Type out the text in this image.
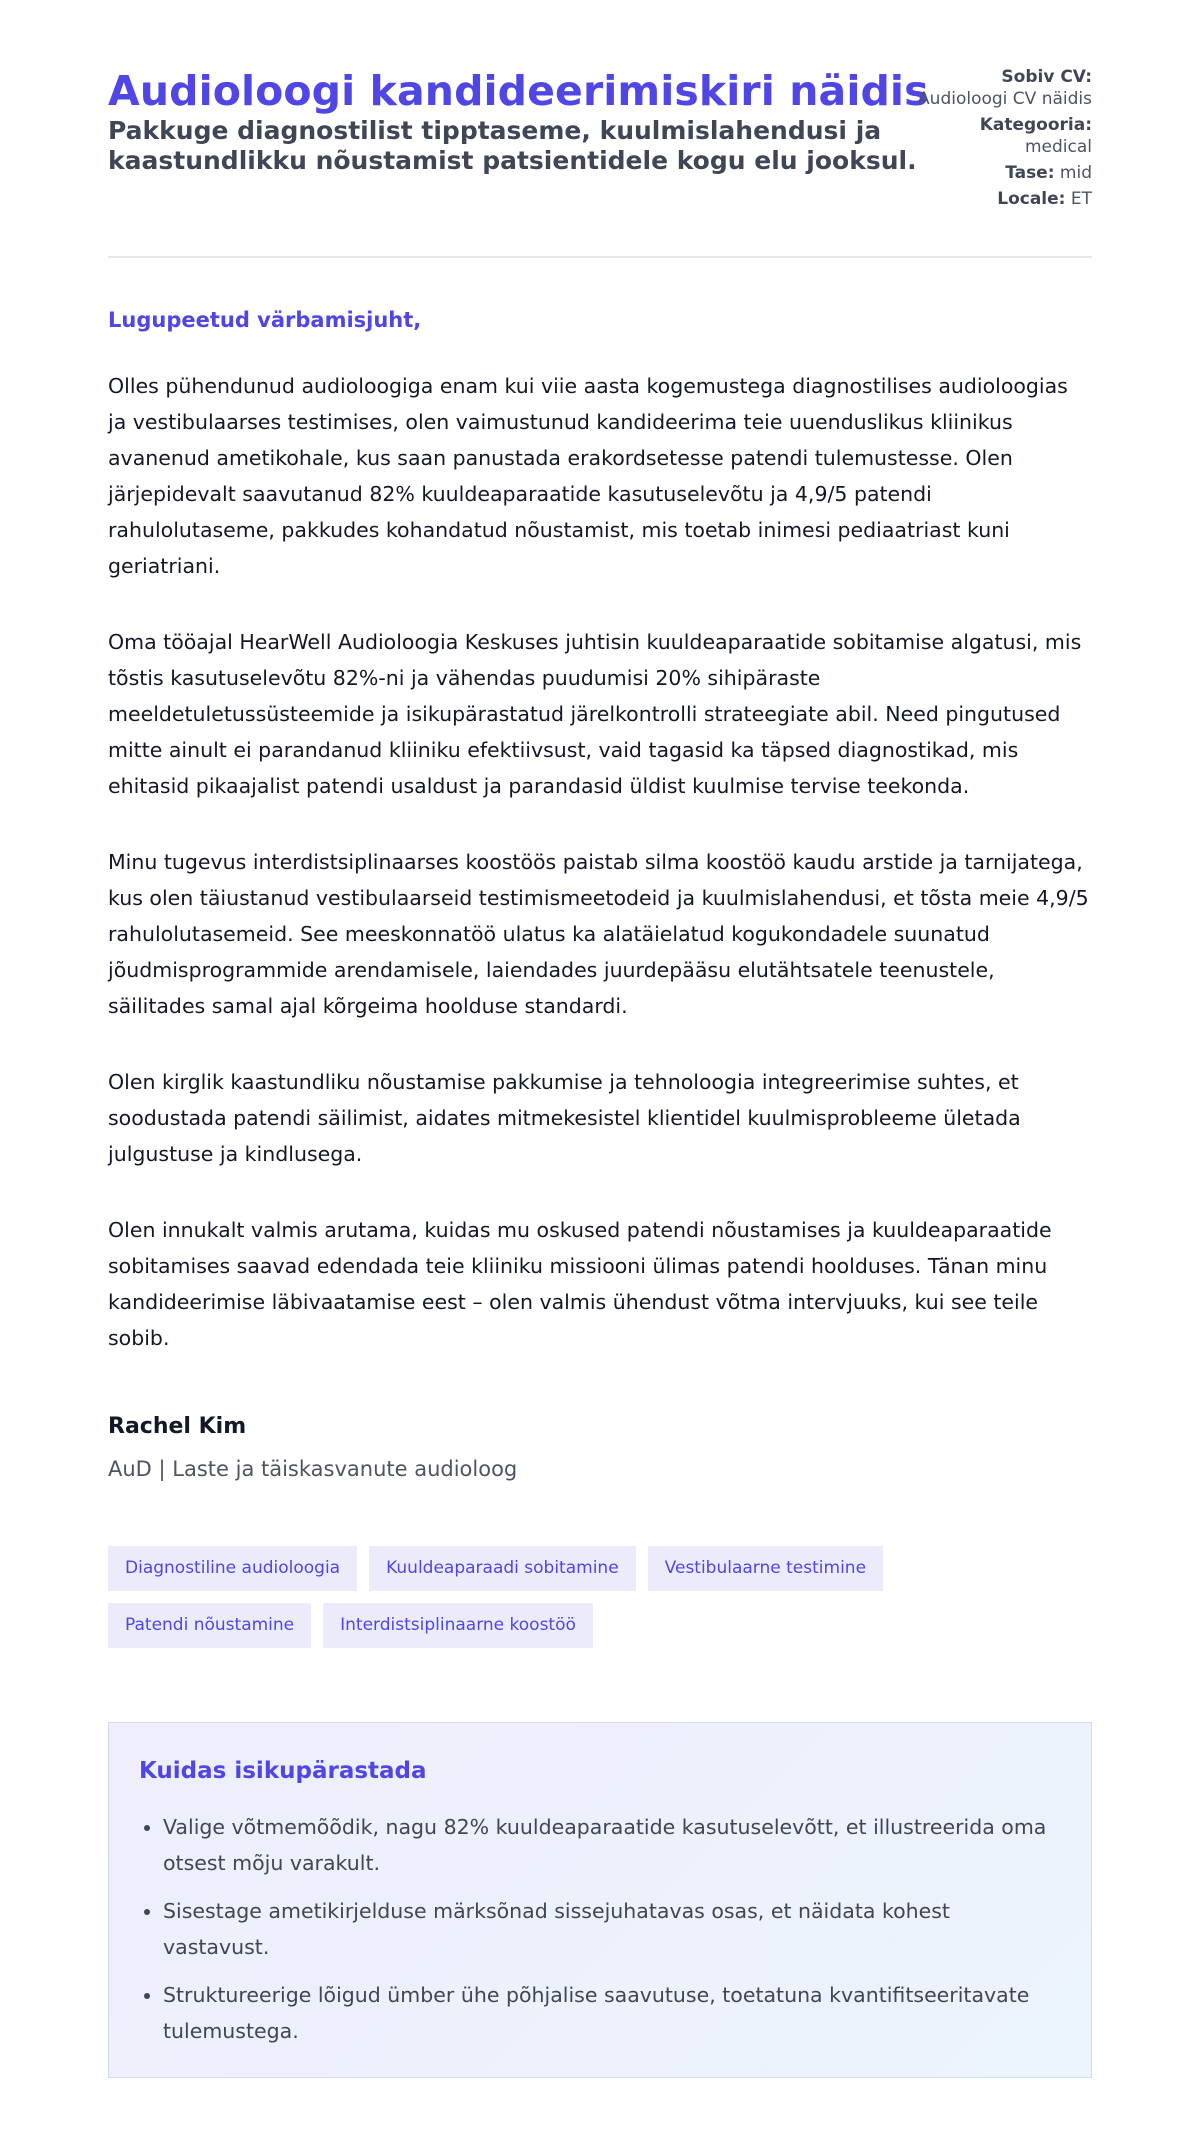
Audioloogi kandideerimiskiri näidis
Pakkuge diagnostilist tipptaseme, kuulmislahendusi ja kaastundlikku nõustamist patsientidele kogu elu jooksul.
Sobiv CV:
Audioloogi CV näidis
Kategooria:
medical
Tase: mid
Locale: ET
Lugupeetud värbamisjuht,

Olles pühendunud audioloogiga enam kui viie aasta kogemustega diagnostilises audioloogias ja vestibulaarses testimises, olen vaimustunud kandideerima teie uuenduslikus kliinikus avanenud ametikohale, kus saan panustada erakordsetesse patendi tulemustesse. Olen järjepidevalt saavutanud 82% kuuldeaparaatide kasutuselevõtu ja 4,9/5 patendi rahulolutaseme, pakkudes kohandatud nõustamist, mis toetab inimesi pediaatriast kuni geriatriani.

Oma tööajal HearWell Audioloogia Keskuses juhtisin kuuldeaparaatide sobitamise algatusi, mis tõstis kasutuselevõtu 82%-ni ja vähendas puudumisi 20% sihipäraste meeldetuletussüsteemide ja isikupärastatud järelkontrolli strateegiate abil. Need pingutused mitte ainult ei parandanud kliiniku efektiivsust, vaid tagasid ka täpsed diagnostikad, mis ehitasid pikaajalist patendi usaldust ja parandasid üldist kuulmise tervise teekonda.

Minu tugevus interdistsiplinaarses koostöös paistab silma koostöö kaudu arstide ja tarnijatega, kus olen täiustanud vestibulaarseid testimismeetodeid ja kuulmislahendusi, et tõsta meie 4,9/5 rahulolutasemeid. See meeskonnatöö ulatus ka alatäielatud kogukondadele suunatud jõudmisprogrammide arendamisele, laiendades juurdepääsu elutähtsatele teenustele, säilitades samal ajal kõrgeima hoolduse standardi.

Olen kirglik kaastundliku nõustamise pakkumise ja tehnoloogia integreerimise suhtes, et soodustada patendi säilimist, aidates mitmekesistel klientidel kuulmisprobleeme ületada julgustuse ja kindlusega.

Olen innukalt valmis arutama, kuidas mu oskused patendi nõustamises ja kuuldeaparaatide sobitamises saavad edendada teie kliiniku missiooni ülimas patendi hoolduses. Tänan minu kandideerimise läbivaatamise eest – olen valmis ühendust võtma intervjuuks, kui see teile sobib.

Rachel Kim
AuD | Laste ja täiskasvanute audioloog
Diagnostiline audioloogia	Kuuldeaparaadi sobitamine	Vestibulaarne testimine
Patendi nõustamine	Interdistsiplinaarne koostöö
Kuidas isikupärastada
• Valige võtmemõõdik, nagu 82% kuuldeaparaatide kasutuselevõtt, et illustreerida oma otsest mõju varakult.
• Sisestage ametikirjelduse märksõnad sissejuhatavas osas, et näidata kohest vastavust.
• Struktureerige lõigud ümber ühe põhjalise saavutuse, toetatuna kvantifitseeritavate tulemustega.
